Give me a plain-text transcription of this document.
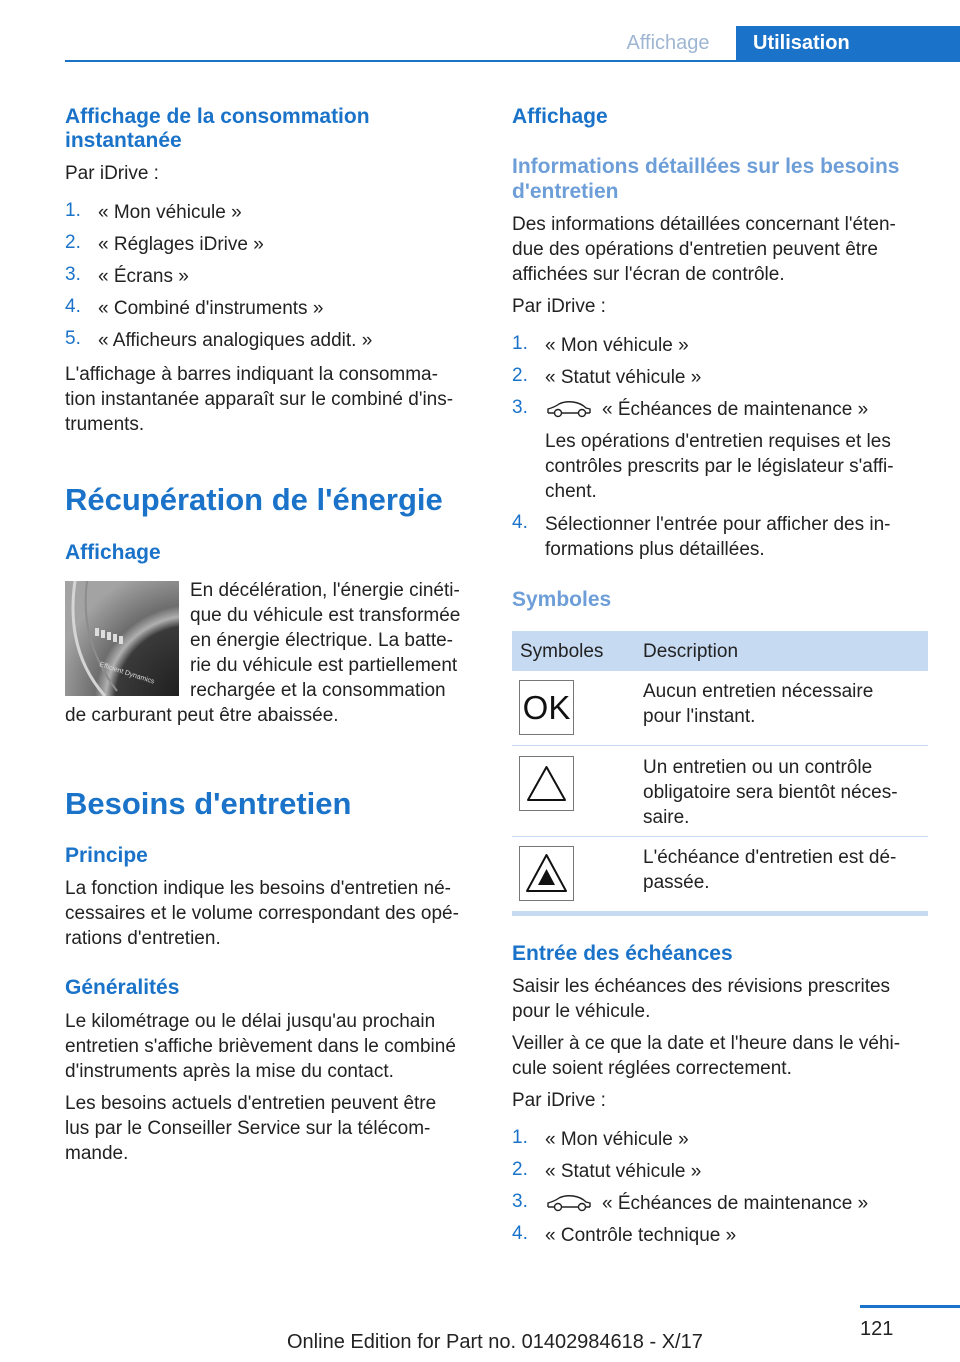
Affichage	Utilisation
Affichage de la consommation instantanée
Par iDrive :
1. « Mon véhicule »
2. « Réglages iDrive »
3. « Écrans »
4. « Combiné d'instruments »
5. « Afficheurs analogiques addit. »
L'affichage à barres indiquant la consomma‐
tion instantanée apparaît sur le combiné d'ins‐
truments.
Récupération de l'énergie
Affichage
Efficient Dynamics
En décélération, l'énergie cinéti‐
que du véhicule est transformée
en énergie électrique. La batte‐
rie du véhicule est partiellement
rechargée et la consommation
de carburant peut être abaissée.
Besoins d'entretien
Principe
La fonction indique les besoins d'entretien né‐
cessaires et le volume correspondant des opé‐
rations d'entretien.
Généralités
Le kilométrage ou le délai jusqu'au prochain
entretien s'affiche brièvement dans le combiné
d'instruments après la mise du contact.
Les besoins actuels d'entretien peuvent être
lus par le Conseiller Service sur la télécom‐
mande.
Affichage
Informations détaillées sur les besoins
d'entretien
Des informations détaillées concernant l'éten‐
due des opérations d'entretien peuvent être
affichées sur l'écran de contrôle.
Par iDrive :
1. « Mon véhicule »
2. « Statut véhicule »
3.	« Échéances de maintenance »
Les opérations d'entretien requises et les
contrôles prescrits par le législateur s'affi‐
chent.
4. Sélectionner l'entrée pour afficher des in‐
formations plus détaillées.
Symboles
Symboles Description
OK	Aucun entretien nécessaire
pour l'instant.
Un entretien ou un contrôle
obligatoire sera bientôt néces‐
saire.
L'échéance d'entretien est dé‐
passée.
Entrée des échéances
Saisir les échéances des révisions prescrites
pour le véhicule.
Veiller à ce que la date et l'heure dans le véhi‐
cule soient réglées correctement.
Par iDrive :
1. « Mon véhicule »
2. « Statut véhicule »
3.	« Échéances de maintenance »
4. « Contrôle technique »
121
Online Edition for Part no. 01402984618 - X/17
